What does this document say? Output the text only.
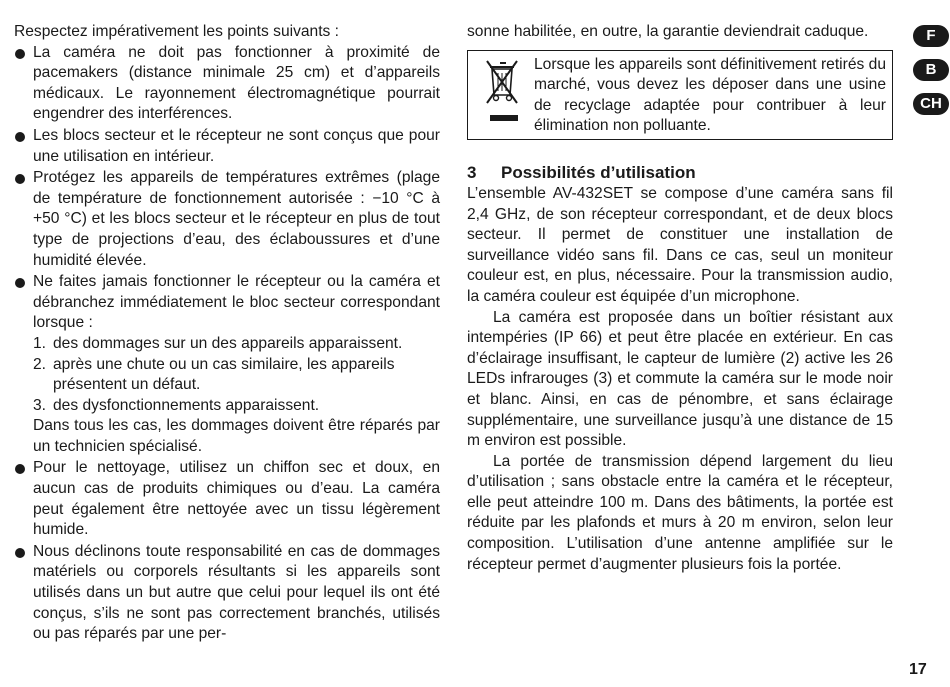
Respectez impérativement les points suivants :

La caméra ne doit pas fonctionner à proximité de pacemakers (distance minimale 25 cm) et d’appareils médicaux. Le rayonnement électromagnétique pourrait engendrer des interférences.
Les blocs secteur et le récepteur ne sont conçus que pour une utilisation en intérieur.
Protégez les appareils de températures extrêmes (plage de température de fonctionnement autorisée : −10 °C à +50 °C) et les blocs secteur et le récepteur en plus de tout type de projections d’eau, des éclaboussures et d’une humidité élevée.
Ne faites jamais fonctionner le récepteur ou la caméra et débranchez immédiatement le bloc secteur correspondant lorsque :
1. des dommages sur un des appareils apparaissent.
2. après une chute ou un cas similaire, les appareils présentent un défaut.
3. des dysfonctionnements apparaissent.
Dans tous les cas, les dommages doivent être réparés par un technicien spécialisé.
Pour le nettoyage, utilisez un chiffon sec et doux, en aucun cas de produits chimiques ou d’eau. La caméra peut également être nettoyée avec un tissu légèrement humide.
Nous déclinons toute responsabilité en cas de dommages matériels ou corporels résultants si les appareils sont utilisés dans un but autre que celui pour lequel ils ont été conçus, s’ils ne sont pas correctement branchés, utilisés ou pas réparés par une per-

sonne habilitée, en outre, la garantie deviendrait caduque.

Lorsque les appareils sont définitivement retirés du marché, vous devez les déposer dans une usine de recyclage adaptée pour contribuer à leur élimination non polluante.
3	Possibilités d’utilisation

L’ensemble AV-432SET se compose d’une caméra sans fil 2,4 GHz, de son récepteur correspondant, et de deux blocs secteur. Il permet de constituer une installation de surveillance vidéo sans fil. Dans ce cas, seul un moniteur couleur est, en plus, nécessaire. Pour la transmission audio, la caméra couleur est équipée d’un microphone.

La caméra est proposée dans un boîtier résistant aux intempéries (IP 66) et peut être placée en extérieur. En cas d’éclairage insuffisant, le capteur de lumière (2) active les 26 LEDs infrarouges (3) et commute la caméra sur le mode noir et blanc. Ainsi, en cas de pénombre, et sans éclairage supplémentaire, une surveillance jusqu’à une distance de 15 m environ est possible.

La portée de transmission dépend largement du lieu d’utilisation ; sans obstacle entre la caméra et le récepteur, elle peut atteindre 100 m. Dans des bâtiments, la portée est réduite par les plafonds et murs à 20 m environ, selon leur composition. L’utilisation d’une antenne amplifiée sur le récepteur permet d’augmenter plusieurs fois la portée.

F
B
CH
17
